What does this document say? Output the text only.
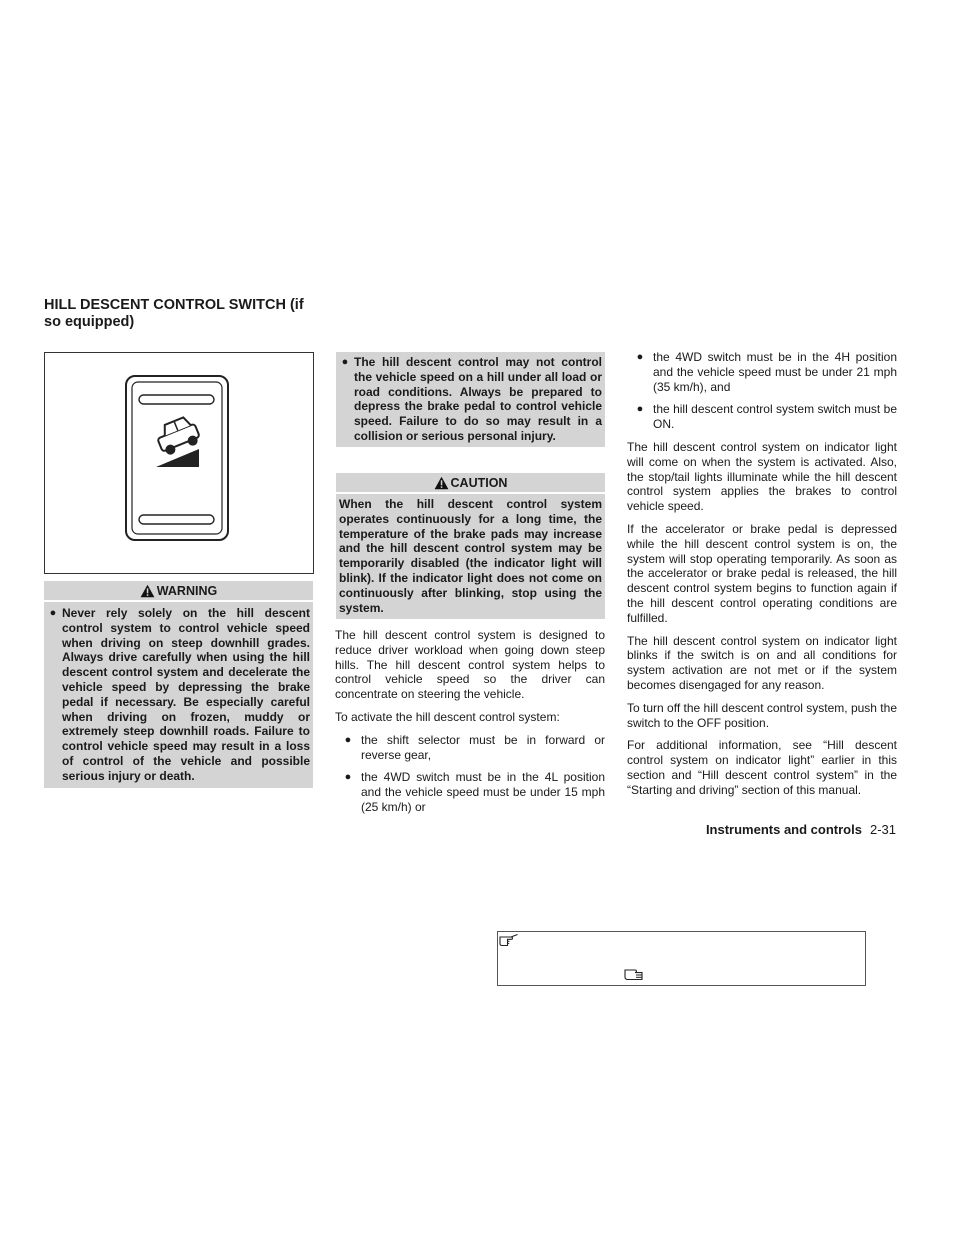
HILL DESCENT CONTROL SWITCH (if so equipped)
WARNING
● Never rely solely on the hill descent control system to control vehicle speed when driving on steep downhill grades. Always drive carefully when using the hill descent control system and decelerate the vehicle speed by depressing the brake pedal if necessary. Be especially careful when driving on frozen, muddy or extremely steep downhill roads. Failure to control vehicle speed may result in a loss of control of the vehicle and possible serious injury or death.
● The hill descent control may not control the vehicle speed on a hill under all load or road conditions. Always be prepared to depress the brake pedal to control vehicle speed. Failure to do so may result in a collision or serious personal injury.
CAUTION
When the hill descent control system operates continuously for a long time, the temperature of the brake pads may increase and the hill descent control system may be temporarily disabled (the indicator light will blink). If the indicator light does not come on continuously after blinking, stop using the system.

The hill descent control system is designed to reduce driver workload when going down steep hills. The hill descent control system helps to control vehicle speed so the driver can concentrate on steering the vehicle.

To activate the hill descent control system:

● the shift selector must be in forward or reverse gear,
● the 4WD switch must be in the 4L position and the vehicle speed must be under 15 mph (25 km/h) or
● the 4WD switch must be in the 4H position and the vehicle speed must be under 21 mph (35 km/h), and
● the hill descent control system switch must be ON.

The hill descent control system on indicator light will come on when the system is activated. Also, the stop/tail lights illuminate while the hill descent control system applies the brakes to control vehicle speed.

If the accelerator or brake pedal is depressed while the hill descent control system is on, the system will stop operating temporarily. As soon as the accelerator or brake pedal is released, the hill descent control system begins to function again if the hill descent control operating conditions are fulfilled.

The hill descent control system on indicator light blinks if the switch is on and all conditions for system activation are not met or if the system becomes disengaged for any reason.

To turn off the hill descent control system, push the switch to the OFF position.

For additional information, see “Hill descent control system on indicator light” earlier in this section and “Hill descent control system” in the “Starting and driving” section of this manual.

Instruments and controls 2-31
